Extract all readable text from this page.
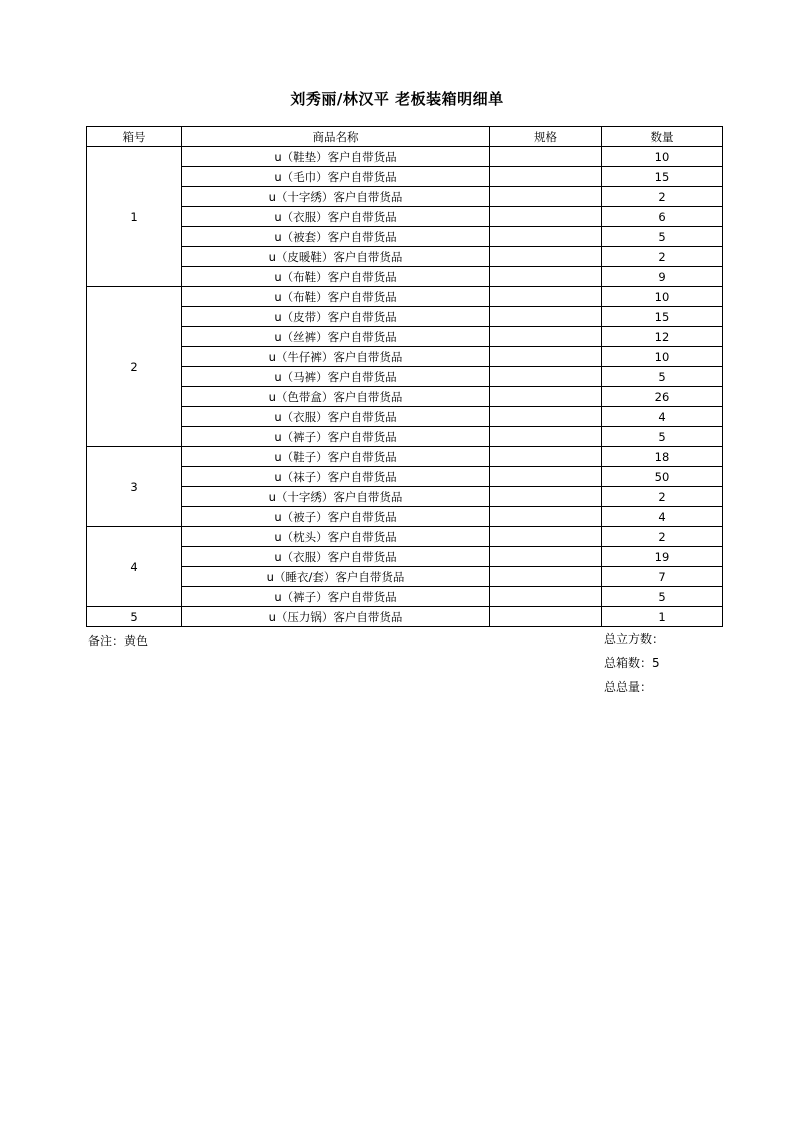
刘秀丽/林汉平 老板装箱明细单
箱号	商品名称	规格	数量
1	u（鞋垫）客户自带货品		10
	u（毛巾）客户自带货品		15
	u（十字绣）客户自带货品		2
	u（衣服）客户自带货品		6
	u（被套）客户自带货品		5
	u（皮暖鞋）客户自带货品		2
	u（布鞋）客户自带货品		9
2	u（布鞋）客户自带货品		10
	u（皮带）客户自带货品		15
	u（丝裤）客户自带货品		12
	u（牛仔裤）客户自带货品		10
	u（马裤）客户自带货品		5
	u（色带盒）客户自带货品		26
	u（衣服）客户自带货品		4
	u（裤子）客户自带货品		5
3	u（鞋子）客户自带货品		18
	u（袜子）客户自带货品		50
	u（十字绣）客户自带货品		2
	u（被子）客户自带货品		4
4	u（枕头）客户自带货品		2
	u（衣服）客户自带货品		19
	u（睡衣/套）客户自带货品		7
	u（裤子）客户自带货品		5
5	u（压力锅）客户自带货品		1
备注：黄色	总立方数：
总箱数：5
总总量：
